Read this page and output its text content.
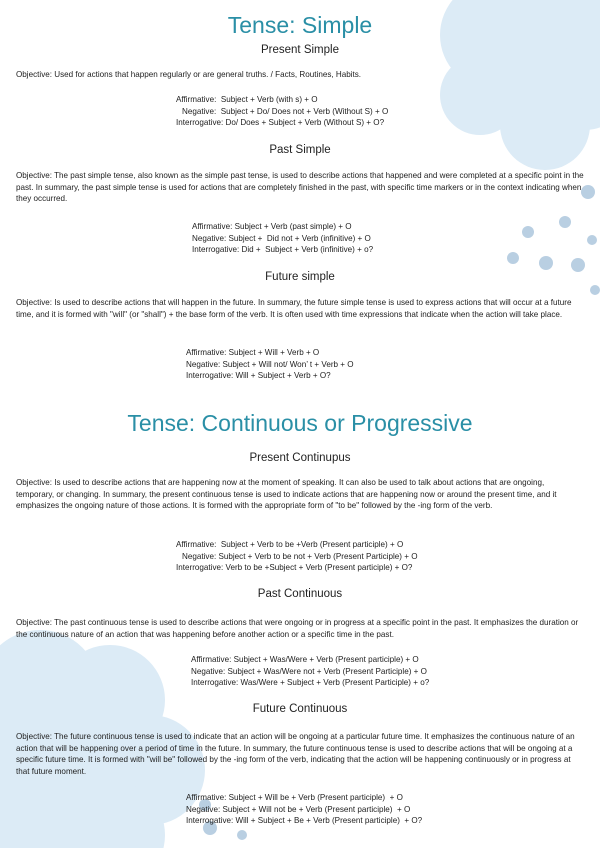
Tense: Simple
Present Simple
Objective: Used for actions that happen regularly or are general truths. / Facts, Routines, Habits.
Affirmative:  Subject + Verb (with s) + O
Negative:  Subject + Do/ Does not + Verb (Without S) + O
Interrogative: Do/ Does + Subject + Verb (Without S) + O?
Past Simple
Objective: The past simple tense, also known as the simple past tense, is used to describe actions that happened and were completed at a specific point in the past. In summary, the past simple tense is used for actions that are completely finished in the past, with specific time markers or in the context indicating when they occurred.
Affirmative: Subject + Verb (past simple) + O
Negative: Subject +  Did not + Verb (infinitive) + O
Interrogative: Did +  Subject + Verb (infinitive) + o?
Future simple
Objective: Is used to describe actions that will happen in the future. In summary, the future simple tense is used to express actions that will occur at a future time, and it is formed with "will" (or "shall") + the base form of the verb. It is often used with time expressions that indicate when the action will take place.
Affirmative: Subject + Will + Verb + O
Negative: Subject + Will not/ Won’ t + Verb + O
Interrogative: Will + Subject + Verb + O?
Tense: Continuous or Progressive
Present Continupus
Objective: Is used to describe actions that are happening now at the moment of speaking. It can also be used to talk about actions that are ongoing, temporary, or changing. In summary, the present continuous tense is used to indicate actions that are happening now or around the present time, and it emphasizes the ongoing nature of those actions. It is formed with the appropriate form of "to be" followed by the -ing form of the verb.
Affirmative:  Subject + Verb to be +Verb (Present participle) + O
Negative: Subject + Verb to be not + Verb (Present Participle) + O
Interrogative: Verb to be +Subject + Verb (Present participle) + O?
Past Continuous
Objective: The past continuous tense is used to describe actions that were ongoing or in progress at a specific point in the past. It emphasizes the duration or the continuous nature of an action that was happening before another action or a specific time in the past.
Affirmative: Subject + Was/Were + Verb (Present participle) + O
Negative: Subject + Was/Were not + Verb (Present Participle) + O
Interrogative: Was/Were + Subject + Verb (Present Participle) + o?
Future Continuous
Objective: The future continuous tense is used to indicate that an action will be ongoing at a particular future time. It emphasizes the continuous nature of an action that will be happening over a period of time in the future. In summary, the future continuous tense is used to describe actions that will be ongoing at a specific future time. It is formed with "will be" followed by the -ing form of the verb, indicating that the action will be happening continuously or in progress at that future moment.
Affirmative: Subject + Will be + Verb (Present participle)  + O
Negative: Subject + Will not be + Verb (Present participle)  + O
Interrogative: Will + Subject + Be + Verb (Present participle)  + O?
